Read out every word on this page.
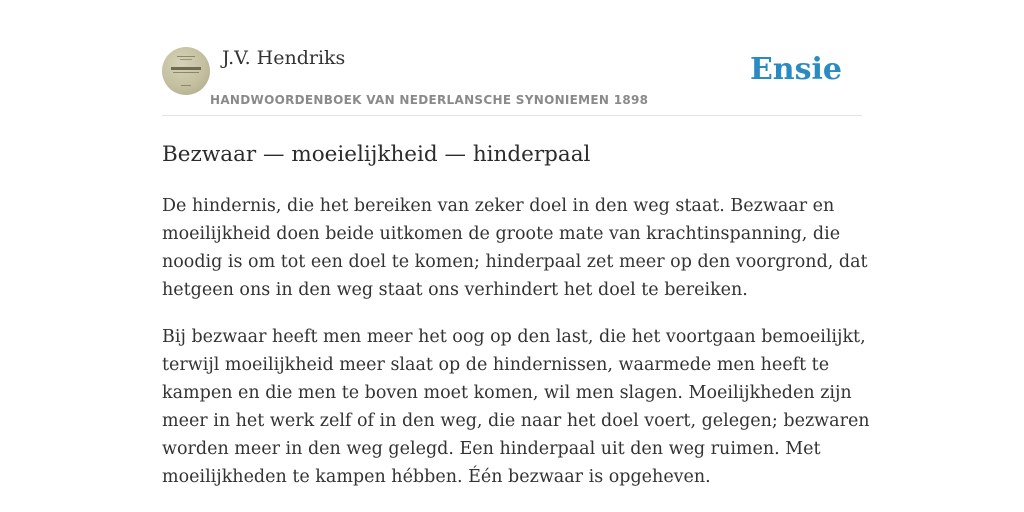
J.V. Hendriks
HANDWOORDENBOEK VAN NEDERLANSCHE SYNONIEMEN 1898
Ensie
Bezwaar — moeielijkheid — hinderpaal

De hindernis, die het bereiken van zeker doel in den weg staat. Bezwaar en
moeilijkheid doen beide uitkomen de groote mate van krachtinspanning, die
noodig is om tot een doel te komen; hinderpaal zet meer op den voorgrond, dat
hetgeen ons in den weg staat ons verhindert het doel te bereiken.

Bij bezwaar heeft men meer het oog op den last, die het voortgaan bemoeilijkt,
terwijl moeilijkheid meer slaat op de hindernissen, waarmede men heeft te
kampen en die men te boven moet komen, wil men slagen. Moeilijkheden zijn
meer in het werk zelf of in den weg, die naar het doel voert, gelegen; bezwaren
worden meer in den weg gelegd. Een hinderpaal uit den weg ruimen. Met
moeilijkheden te kampen hébben. Één bezwaar is opgeheven.
